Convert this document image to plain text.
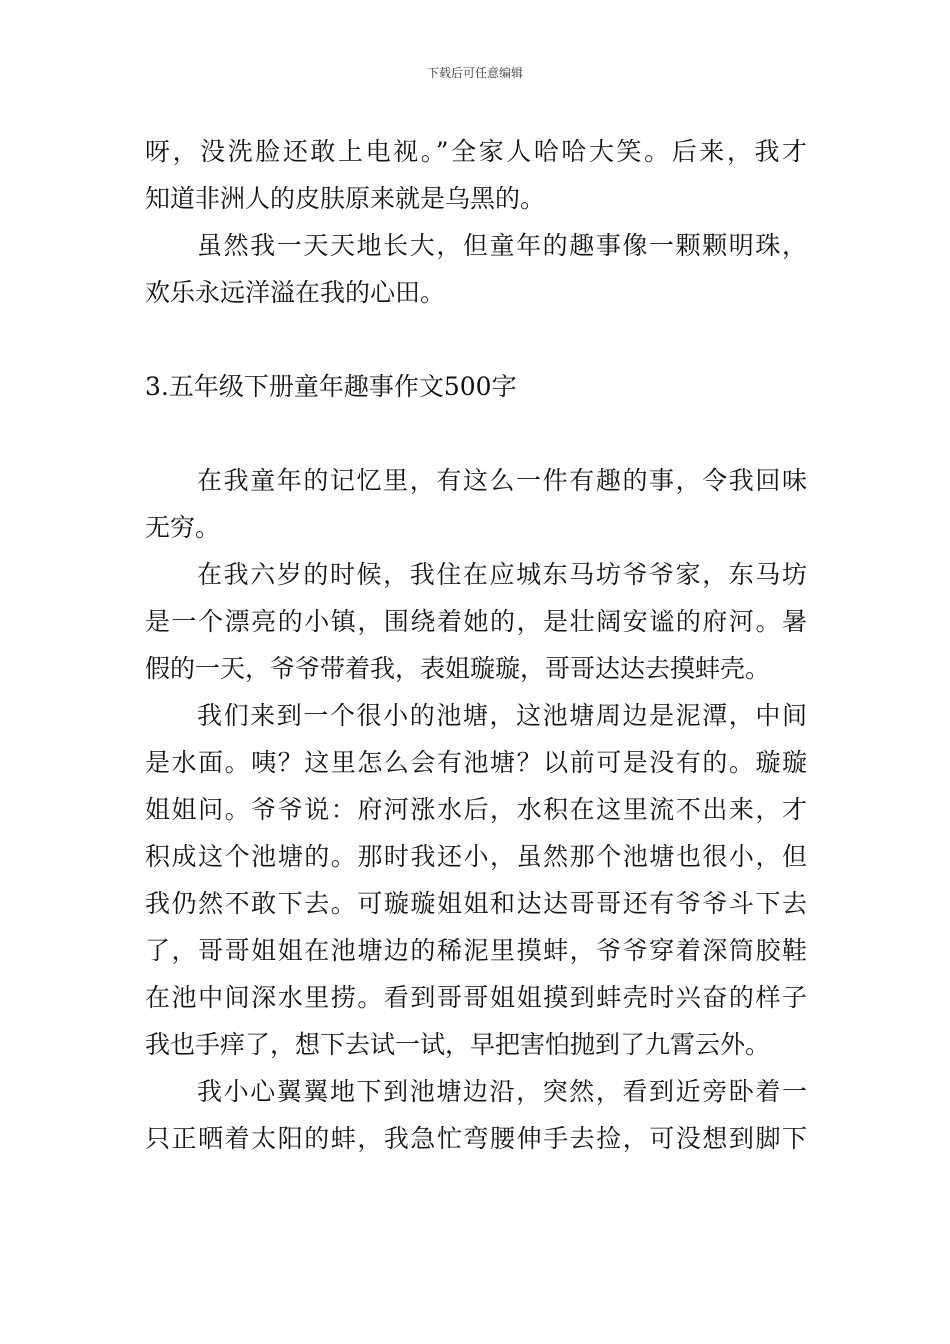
下载后可任意编辑
呀，没洗脸还敢上电视。”全家人哈哈大笑。后来，我才
知道非洲人的皮肤原来就是乌黑的。
虽然我一天天地长大，但童年的趣事像一颗颗明珠，
欢乐永远洋溢在我的心田。
3.五年级下册童年趣事作文500字
在我童年的记忆里，有这么一件有趣的事，令我回味
无穷。
在我六岁的时候，我住在应城东马坊爷爷家，东马坊
是一个漂亮的小镇，围绕着她的，是壮阔安谧的府河。暑
假的一天，爷爷带着我，表姐璇璇，哥哥达达去摸蚌壳。
我们来到一个很小的池塘，这池塘周边是泥潭，中间
是水面。咦？这里怎么会有池塘？以前可是没有的。璇璇
姐姐问。爷爷说：府河涨水后，水积在这里流不出来，才
积成这个池塘的。那时我还小，虽然那个池塘也很小，但
我仍然不敢下去。可璇璇姐姐和达达哥哥还有爷爷斗下去
了，哥哥姐姐在池塘边的稀泥里摸蚌，爷爷穿着深筒胶鞋
在池中间深水里捞。看到哥哥姐姐摸到蚌壳时兴奋的样子
我也手痒了，想下去试一试，早把害怕抛到了九霄云外。
我小心翼翼地下到池塘边沿，突然，看到近旁卧着一
只正晒着太阳的蚌，我急忙弯腰伸手去捡，可没想到脚下
